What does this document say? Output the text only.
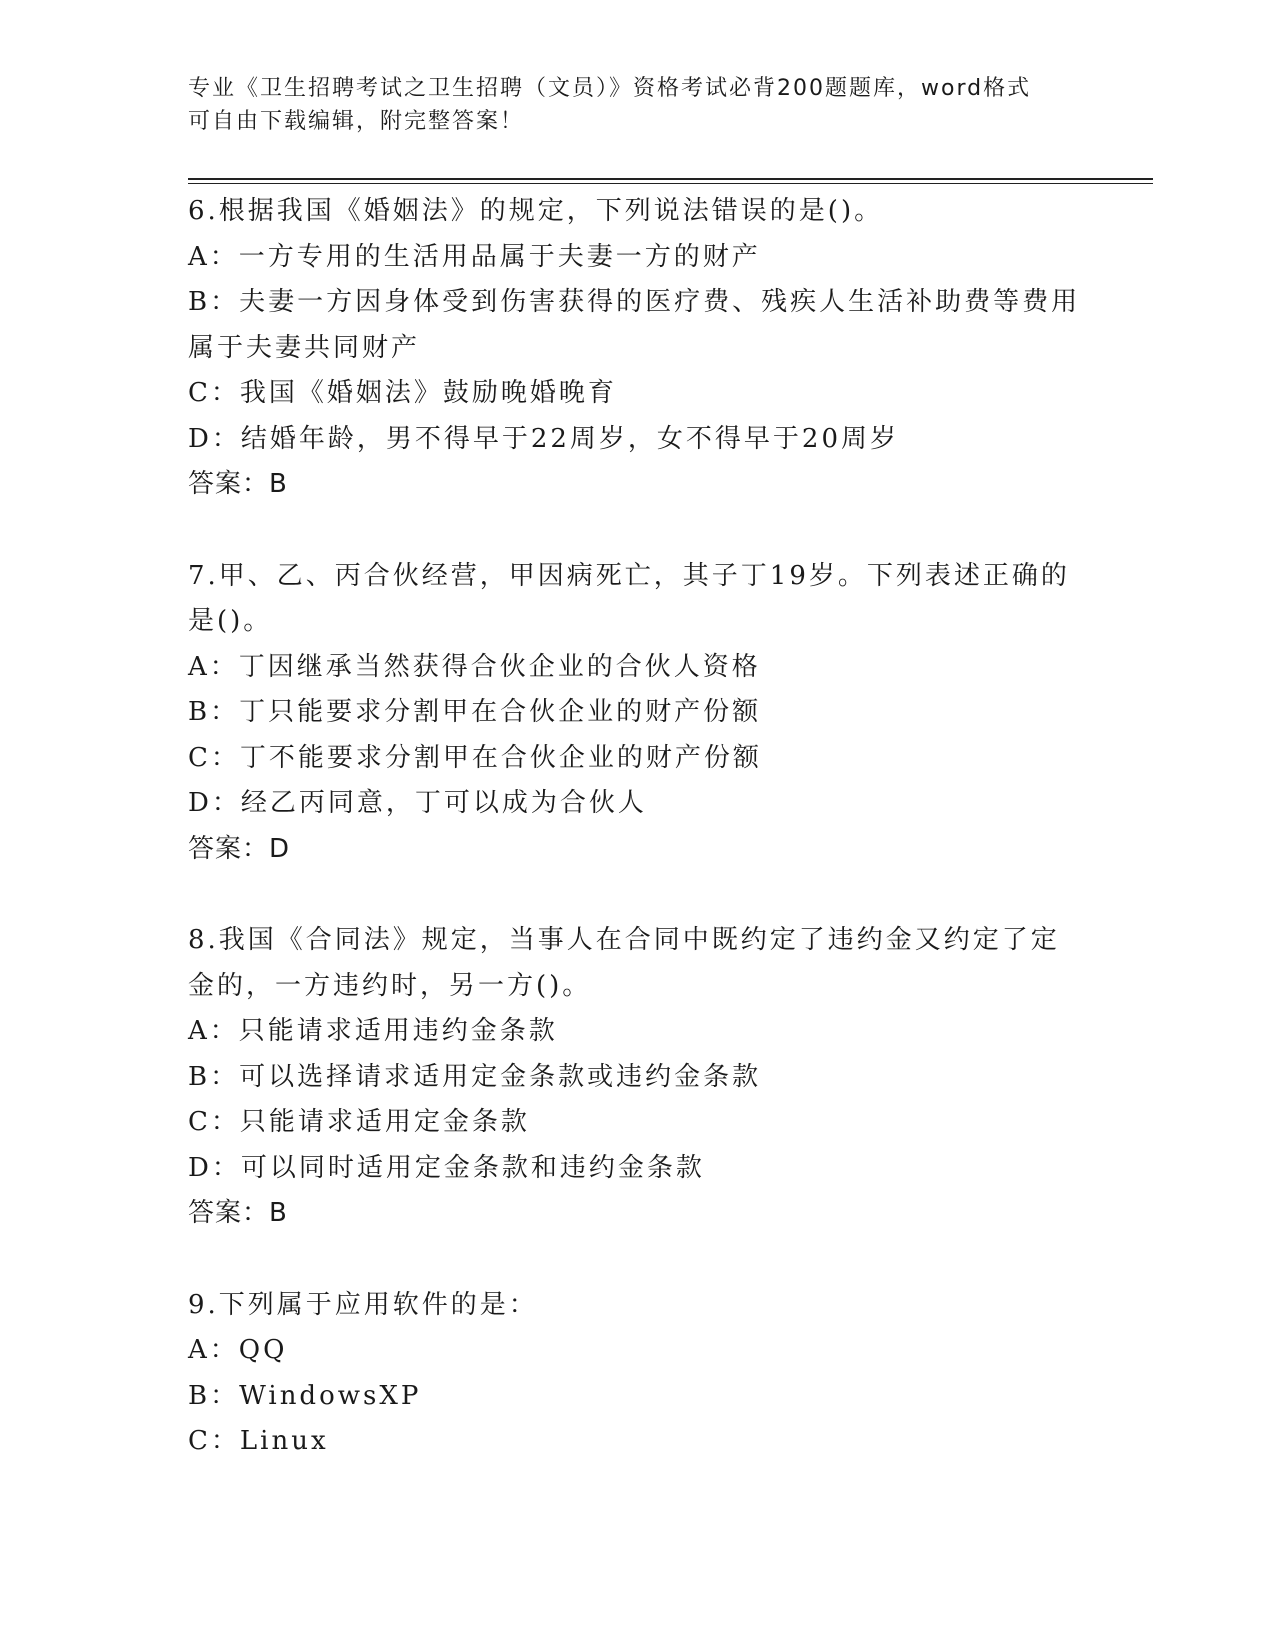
专业《卫生招聘考试之卫生招聘（文员）》资格考试必背200题题库，word格式
可自由下载编辑，附完整答案！
6.根据我国《婚姻法》的规定，下列说法错误的是()。
A：一方专用的生活用品属于夫妻一方的财产
B：夫妻一方因身体受到伤害获得的医疗费、残疾人生活补助费等费用
属于夫妻共同财产
C：我国《婚姻法》鼓励晚婚晚育
D：结婚年龄，男不得早于22周岁，女不得早于20周岁
答案：B
7.甲、乙、丙合伙经营，甲因病死亡，其子丁19岁。下列表述正确的
是()。
A：丁因继承当然获得合伙企业的合伙人资格
B：丁只能要求分割甲在合伙企业的财产份额
C：丁不能要求分割甲在合伙企业的财产份额
D：经乙丙同意，丁可以成为合伙人
答案：D
8.我国《合同法》规定，当事人在合同中既约定了违约金又约定了定
金的，一方违约时，另一方()。
A：只能请求适用违约金条款
B：可以选择请求适用定金条款或违约金条款
C：只能请求适用定金条款
D：可以同时适用定金条款和违约金条款
答案：B
9.下列属于应用软件的是：
A：QQ
B：WindowsXP
C：Linux
